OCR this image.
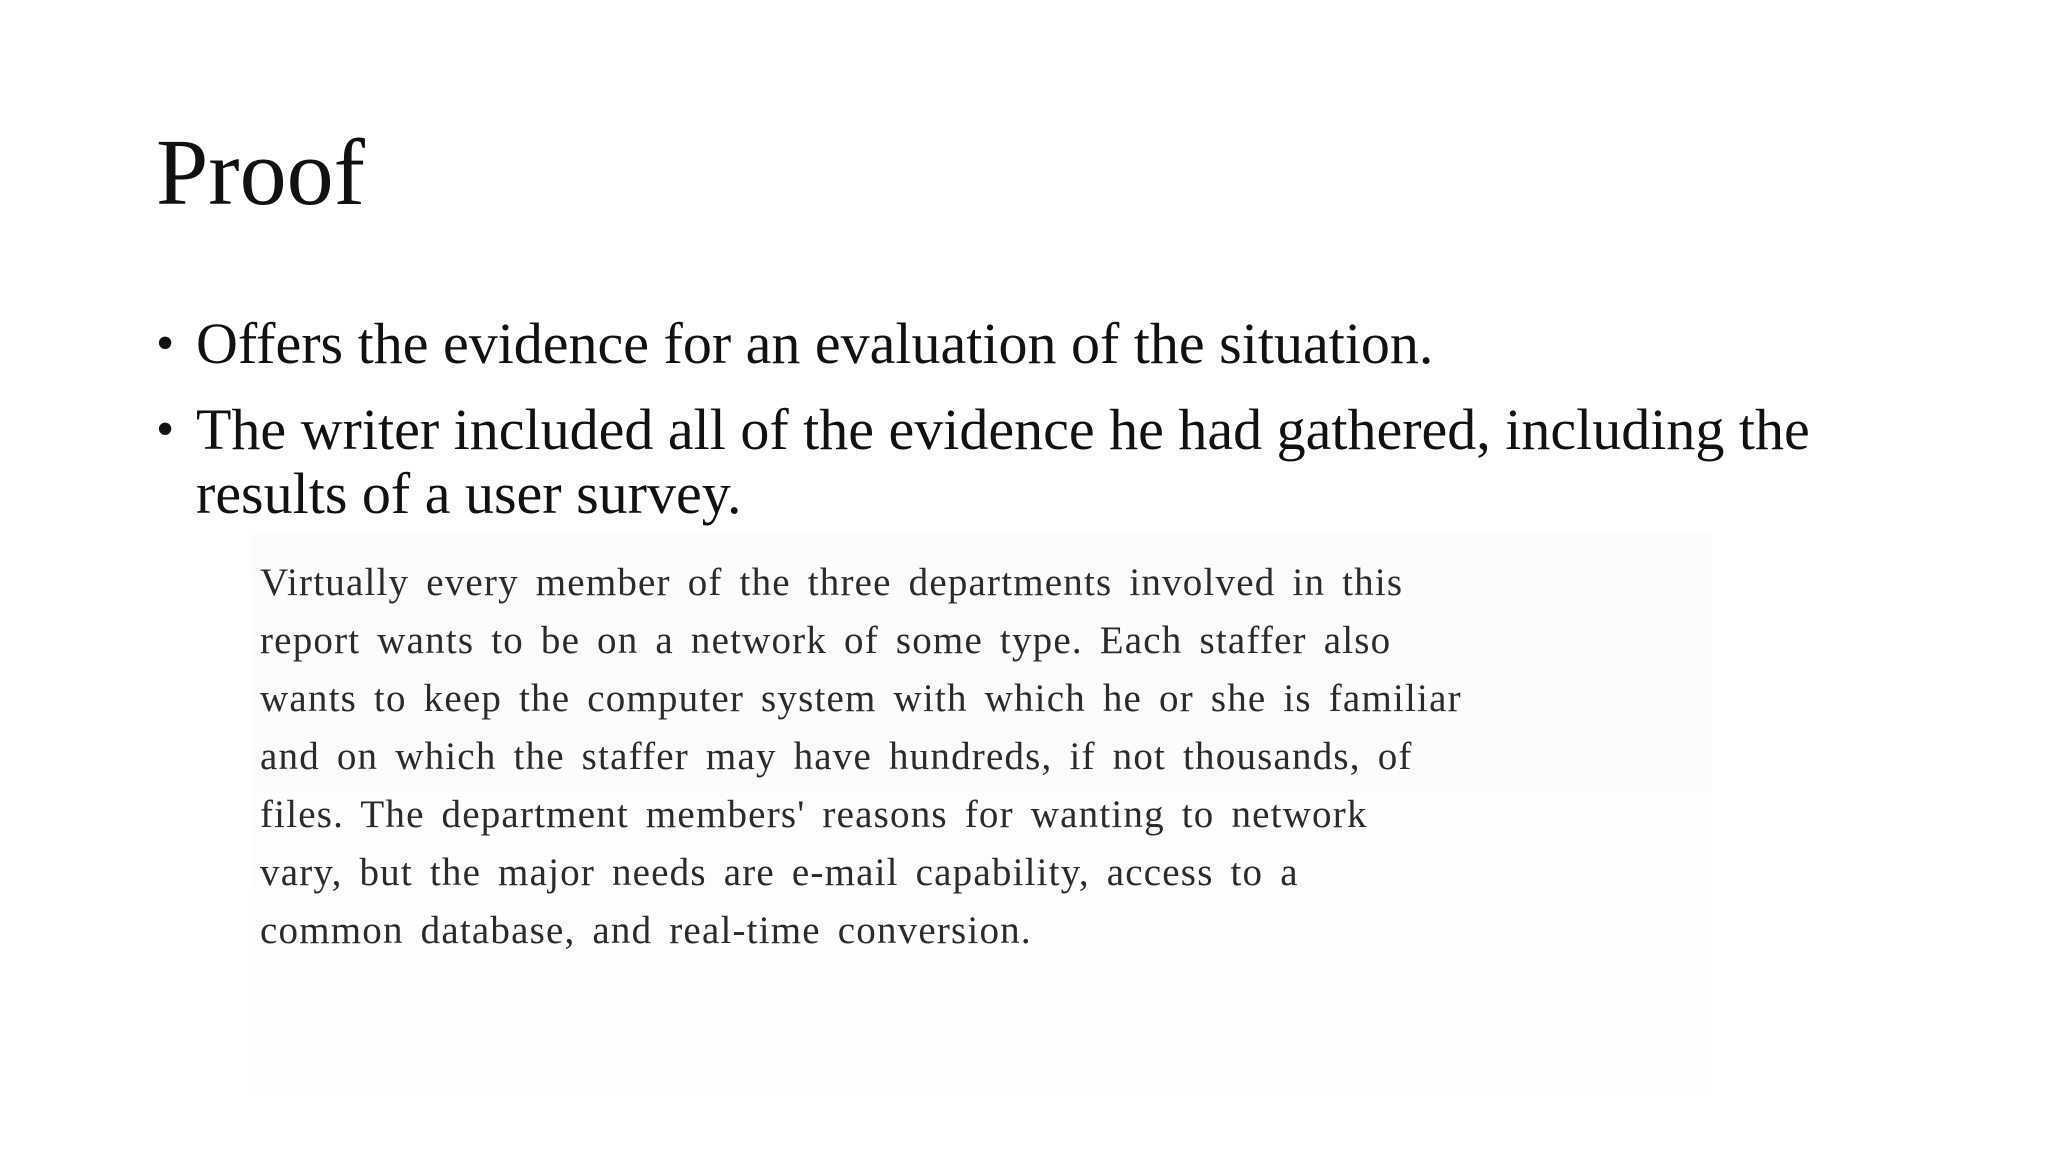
Proof
• Offers the evidence for an evaluation of the situation.
• The writer included all of the evidence he had gathered, including the results of a user survey.
Virtually every member of the three departments involved in this
report wants to be on a network of some type. Each staffer also
wants to keep the computer system with which he or she is familiar
and on which the staffer may have hundreds, if not thousands, of
files. The department members' reasons for wanting to network
vary, but the major needs are e-mail capability, access to a
common database, and real-time conversion.
